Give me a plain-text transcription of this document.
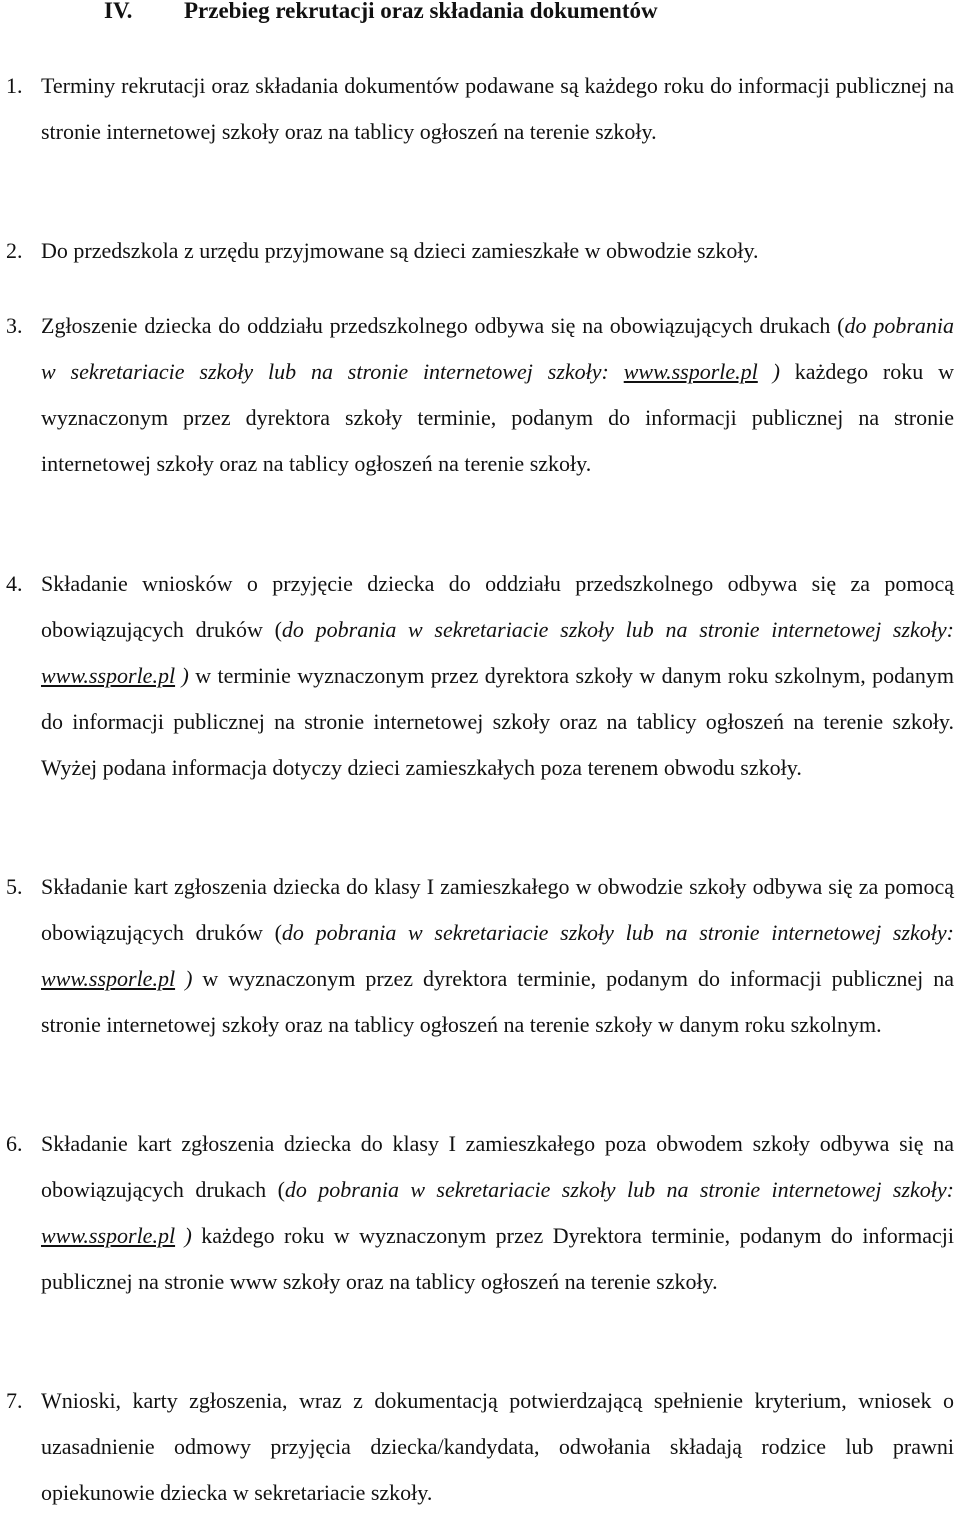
IV. Przebieg rekrutacji oraz składania dokumentów
1. Terminy rekrutacji oraz składania dokumentów podawane są każdego roku do informacji publicznej na stronie internetowej szkoły oraz na tablicy ogłoszeń na terenie szkoły.
2. Do przedszkola z urzędu przyjmowane są dzieci zamieszkałe w obwodzie szkoły.
3. Zgłoszenie dziecka do oddziału przedszkolnego odbywa się na obowiązujących drukach (do pobrania w sekretariacie szkoły lub na stronie internetowej szkoły: www.ssporle.pl ) każdego roku w wyznaczonym przez dyrektora szkoły terminie, podanym do informacji publicznej na stronie internetowej szkoły oraz na tablicy ogłoszeń na terenie szkoły.
4. Składanie wniosków o przyjęcie dziecka do oddziału przedszkolnego odbywa się za pomocą obowiązujących druków (do pobrania w sekretariacie szkoły lub na stronie internetowej szkoły: www.ssporle.pl ) w terminie wyznaczonym przez dyrektora szkoły w danym roku szkolnym, podanym do informacji publicznej na stronie internetowej szkoły oraz na tablicy ogłoszeń na terenie szkoły. Wyżej podana informacja dotyczy dzieci zamieszkałych poza terenem obwodu szkoły.
5. Składanie kart zgłoszenia dziecka do klasy I zamieszkałego w obwodzie szkoły odbywa się za pomocą obowiązujących druków (do pobrania w sekretariacie szkoły lub na stronie internetowej szkoły: www.ssporle.pl ) w wyznaczonym przez dyrektora terminie, podanym do informacji publicznej na stronie internetowej szkoły oraz na tablicy ogłoszeń na terenie szkoły w danym roku szkolnym.
6. Składanie kart zgłoszenia dziecka do klasy I zamieszkałego poza obwodem szkoły odbywa się na obowiązujących drukach (do pobrania w sekretariacie szkoły lub na stronie internetowej szkoły: www.ssporle.pl ) każdego roku w wyznaczonym przez Dyrektora terminie, podanym do informacji publicznej na stronie www szkoły oraz na tablicy ogłoszeń na terenie szkoły.
7. Wnioski, karty zgłoszenia, wraz z dokumentacją potwierdzającą spełnienie kryterium, wniosek o uzasadnienie odmowy przyjęcia dziecka/kandydata, odwołania składają rodzice lub prawni opiekunowie dziecka w sekretariacie szkoły.
